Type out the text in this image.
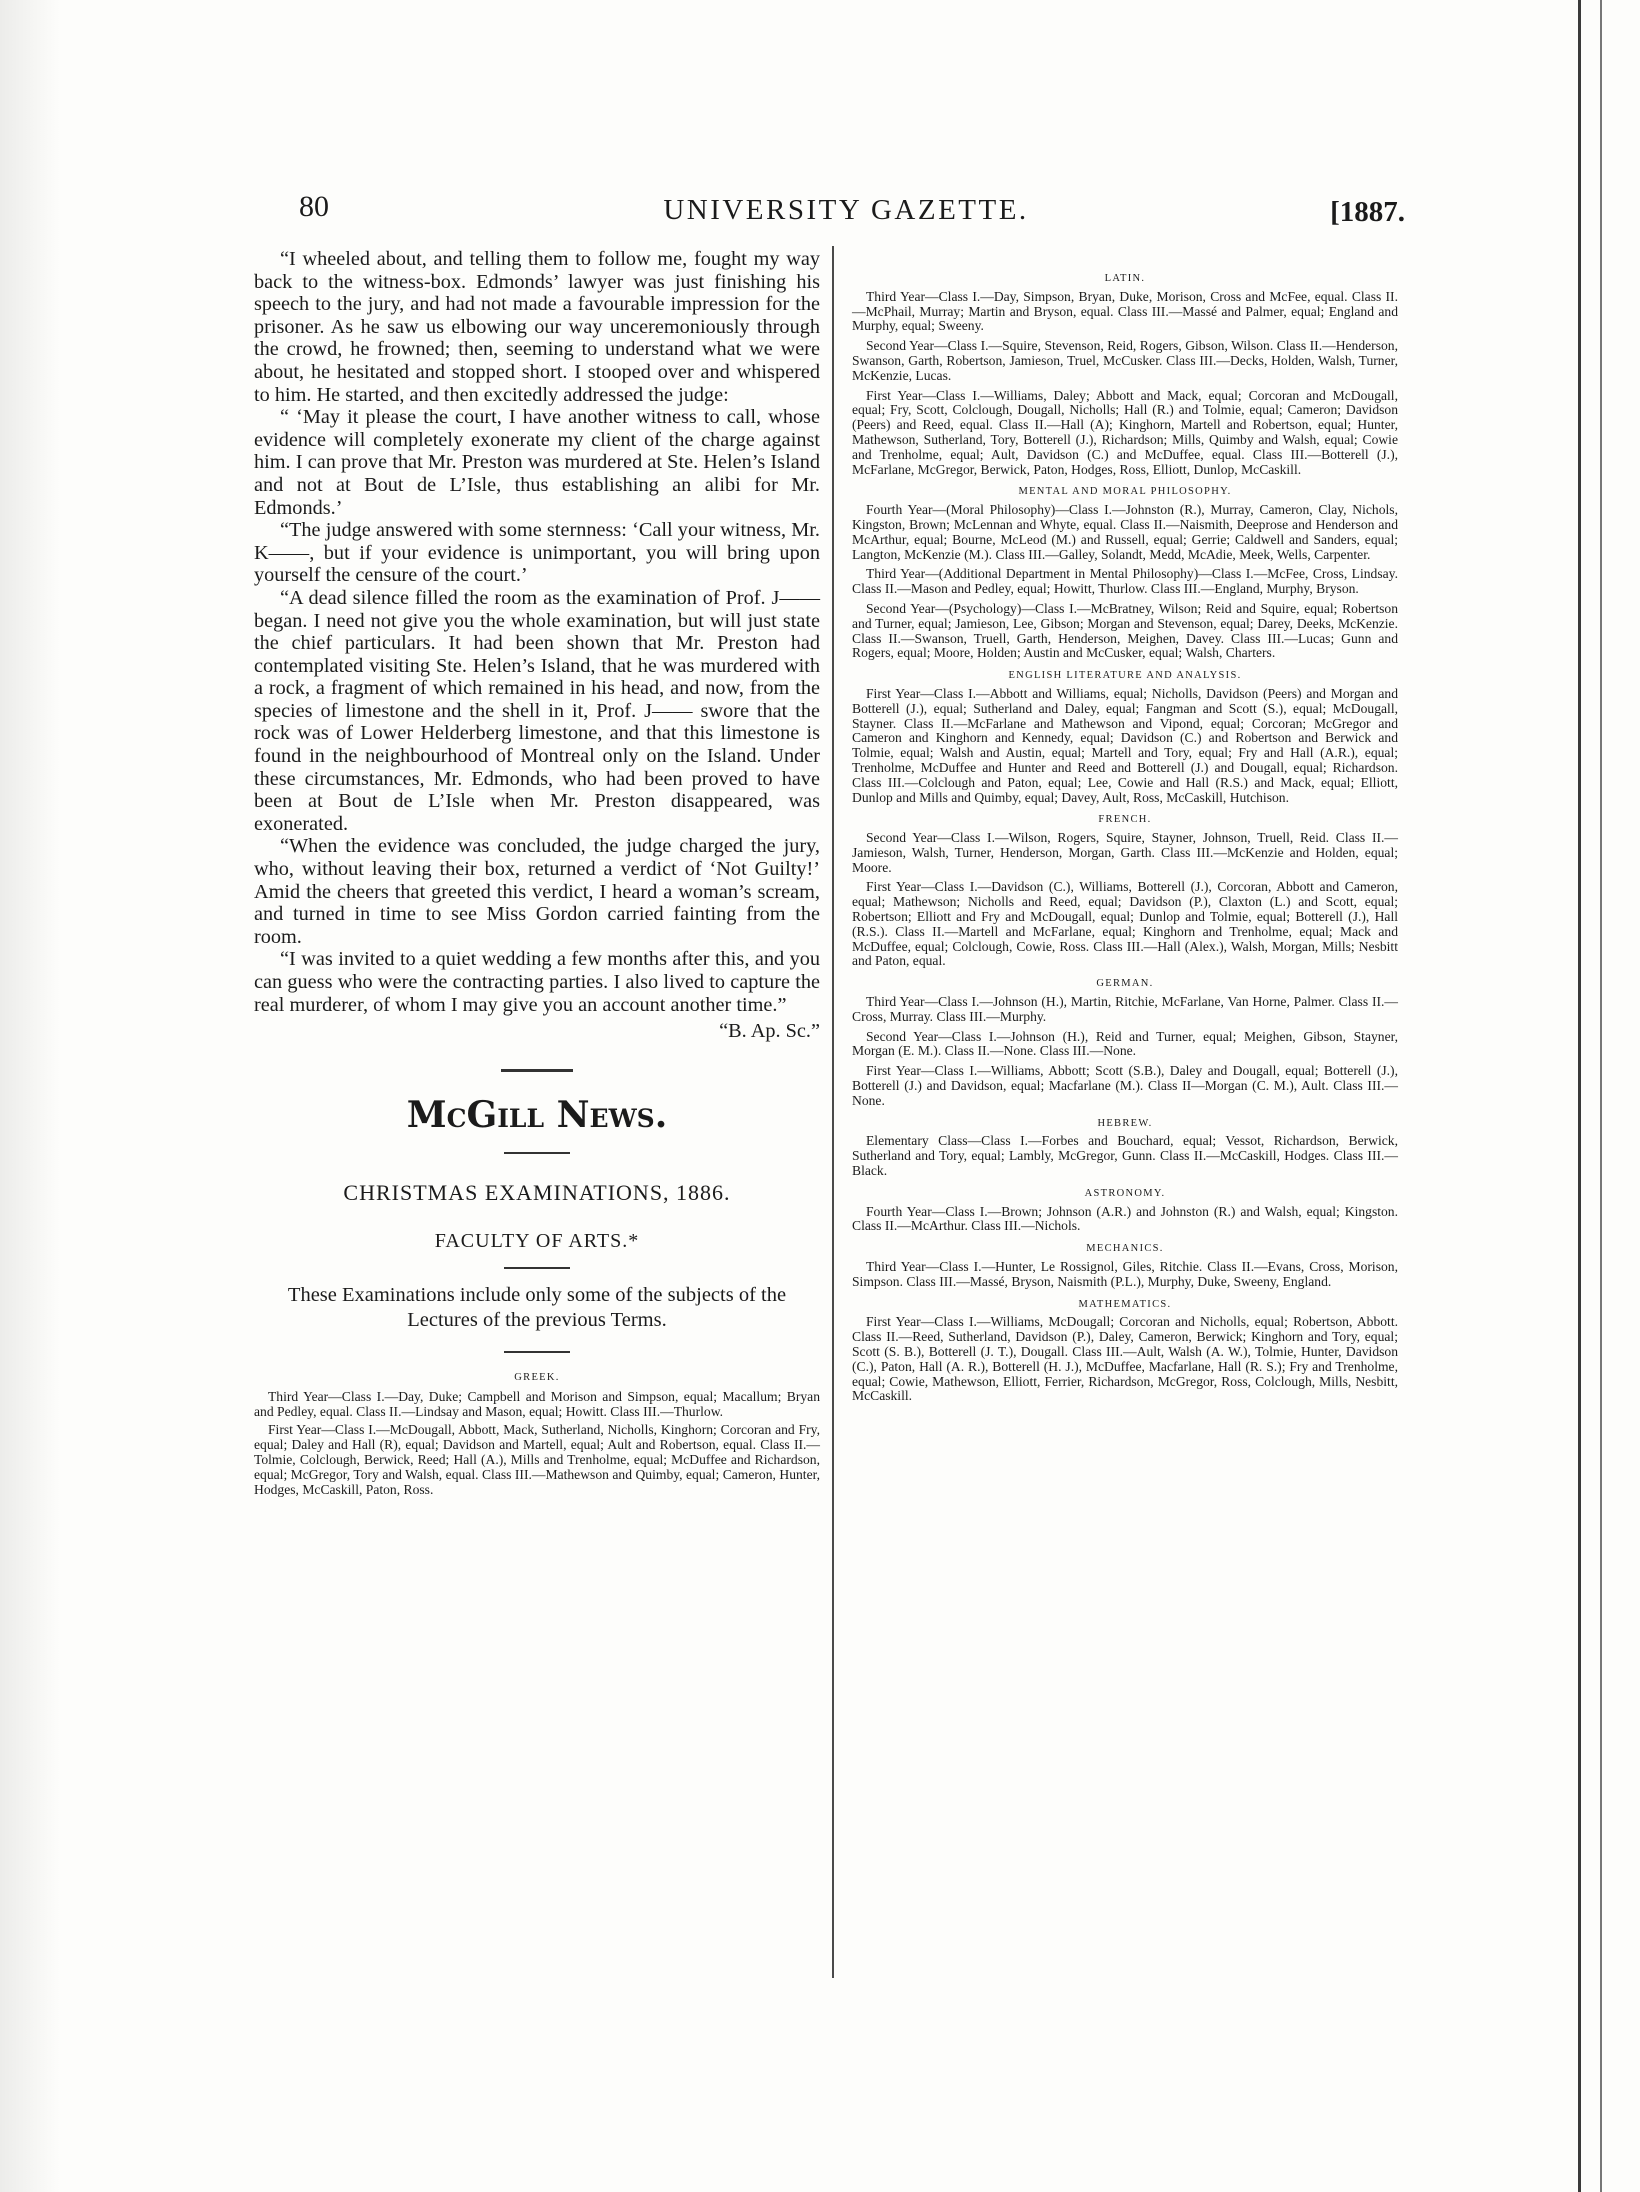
80	UNIVERSITY GAZETTE.	[1887.

“I wheeled about, and telling them to follow me, fought my way back to the witness-box. Edmonds’ lawyer was just finishing his speech to the jury, and had not made a favourable impression for the prisoner. As he saw us elbowing our way unceremoniously through the crowd, he frowned; then, seeming to understand what we were about, he hesitated and stopped short. I stooped over and whispered to him. He started, and then excitedly addressed the judge:

“ ‘May it please the court, I have another witness to call, whose evidence will completely exonerate my client of the charge against him. I can prove that Mr. Preston was murdered at Ste. Helen’s Island and not at Bout de L’Isle, thus establishing an alibi for Mr. Edmonds.’

“The judge answered with some sternness: ‘Call your witness, Mr. K——, but if your evidence is unimportant, you will bring upon yourself the censure of the court.’

“A dead silence filled the room as the examination of Prof. J—— began. I need not give you the whole examination, but will just state the chief particulars. It had been shown that Mr. Preston had contemplated visiting Ste. Helen’s Island, that he was murdered with a rock, a fragment of which remained in his head, and now, from the species of limestone and the shell in it, Prof. J—— swore that the rock was of Lower Helderberg limestone, and that this limestone is found in the neighbourhood of Montreal only on the Island. Under these circumstances, Mr. Edmonds, who had been proved to have been at Bout de L’Isle when Mr. Preston disappeared, was exonerated.

“When the evidence was concluded, the judge charged the jury, who, without leaving their box, returned a verdict of ‘Not Guilty!’ Amid the cheers that greeted this verdict, I heard a woman’s scream, and turned in time to see Miss Gordon carried fainting from the room.

“I was invited to a quiet wedding a few months after this, and you can guess who were the contracting parties. I also lived to capture the real murderer, of whom I may give you an account another time.”

“B. Ap. Sc.”

McGill News.
CHRISTMAS EXAMINATIONS, 1886.
FACULTY OF ARTS.*
These Examinations include only some of the subjects of the Lectures of the previous Terms.
GREEK.

Third Year—Class I.—Day, Duke; Campbell and Morison and Simpson, equal; Macallum; Bryan and Pedley, equal. Class II.—Lindsay and Mason, equal; Howitt. Class III.—Thurlow.

First Year—Class I.—McDougall, Abbott, Mack, Sutherland, Nicholls, Kinghorn; Corcoran and Fry, equal; Daley and Hall (R), equal; Davidson and Martell, equal; Ault and Robertson, equal. Class II.—Tolmie, Colclough, Berwick, Reed; Hall (A.), Mills and Trenholme, equal; McDuffee and Richardson, equal; McGregor, Tory and Walsh, equal. Class III.—Mathewson and Quimby, equal; Cameron, Hunter, Hodges, McCaskill, Paton, Ross.

LATIN.

Third Year—Class I.—Day, Simpson, Bryan, Duke, Morison, Cross and McFee, equal. Class II.—McPhail, Murray; Martin and Bryson, equal. Class III.—Massé and Palmer, equal; England and Murphy, equal; Sweeny.

Second Year—Class I.—Squire, Stevenson, Reid, Rogers, Gibson, Wilson. Class II.—Henderson, Swanson, Garth, Robertson, Jamieson, Truel, McCusker. Class III.—Decks, Holden, Walsh, Turner, McKenzie, Lucas.

First Year—Class I.—Williams, Daley; Abbott and Mack, equal; Corcoran and McDougall, equal; Fry, Scott, Colclough, Dougall, Nicholls; Hall (R.) and Tolmie, equal; Cameron; Davidson (Peers) and Reed, equal. Class II.—Hall (A); Kinghorn, Martell and Robertson, equal; Hunter, Mathewson, Sutherland, Tory, Botterell (J.), Richardson; Mills, Quimby and Walsh, equal; Cowie and Trenholme, equal; Ault, Davidson (C.) and McDuffee, equal. Class III.—Botterell (J.), McFarlane, McGregor, Berwick, Paton, Hodges, Ross, Elliott, Dunlop, McCaskill.

MENTAL AND MORAL PHILOSOPHY.

Fourth Year—(Moral Philosophy)—Class I.—Johnston (R.), Murray, Cameron, Clay, Nichols, Kingston, Brown; McLennan and Whyte, equal. Class II.—Naismith, Deeprose and Henderson and McArthur, equal; Bourne, McLeod (M.) and Russell, equal; Gerrie; Caldwell and Sanders, equal; Langton, McKenzie (M.). Class III.—Galley, Solandt, Medd, McAdie, Meek, Wells, Carpenter.

Third Year—(Additional Department in Mental Philosophy)—Class I.—McFee, Cross, Lindsay. Class II.—Mason and Pedley, equal; Howitt, Thurlow. Class III.—England, Murphy, Bryson.

Second Year—(Psychology)—Class I.—McBratney, Wilson; Reid and Squire, equal; Robertson and Turner, equal; Jamieson, Lee, Gibson; Morgan and Stevenson, equal; Darey, Deeks, McKenzie. Class II.—Swanson, Truell, Garth, Henderson, Meighen, Davey. Class III.—Lucas; Gunn and Rogers, equal; Moore, Holden; Austin and McCusker, equal; Walsh, Charters.

ENGLISH LITERATURE AND ANALYSIS.

First Year—Class I.—Abbott and Williams, equal; Nicholls, Davidson (Peers) and Morgan and Botterell (J.), equal; Sutherland and Daley, equal; Fangman and Scott (S.), equal; McDougall, Stayner. Class II.—McFarlane and Mathewson and Vipond, equal; Corcoran; McGregor and Cameron and Kinghorn and Kennedy, equal; Davidson (C.) and Robertson and Berwick and Tolmie, equal; Walsh and Austin, equal; Martell and Tory, equal; Fry and Hall (A.R.), equal; Trenholme, McDuffee and Hunter and Reed and Botterell (J.) and Dougall, equal; Richardson. Class III.—Colclough and Paton, equal; Lee, Cowie and Hall (R.S.) and Mack, equal; Elliott, Dunlop and Mills and Quimby, equal; Davey, Ault, Ross, McCaskill, Hutchison.

FRENCH.

Second Year—Class I.—Wilson, Rogers, Squire, Stayner, Johnson, Truell, Reid. Class II.—Jamieson, Walsh, Turner, Henderson, Morgan, Garth. Class III.—McKenzie and Holden, equal; Moore.

First Year—Class I.—Davidson (C.), Williams, Botterell (J.), Corcoran, Abbott and Cameron, equal; Mathewson; Nicholls and Reed, equal; Davidson (P.), Claxton (L.) and Scott, equal; Robertson; Elliott and Fry and McDougall, equal; Dunlop and Tolmie, equal; Botterell (J.), Hall (R.S.). Class II.—Martell and McFarlane, equal; Kinghorn and Trenholme, equal; Mack and McDuffee, equal; Colclough, Cowie, Ross. Class III.—Hall (Alex.), Walsh, Morgan, Mills; Nesbitt and Paton, equal.

GERMAN.

Third Year—Class I.—Johnson (H.), Martin, Ritchie, McFarlane, Van Horne, Palmer. Class II.—Cross, Murray. Class III.—Murphy.

Second Year—Class I.—Johnson (H.), Reid and Turner, equal; Meighen, Gibson, Stayner, Morgan (E. M.). Class II.—None. Class III.—None.

First Year—Class I.—Williams, Abbott; Scott (S.B.), Daley and Dougall, equal; Botterell (J.), Botterell (J.) and Davidson, equal; Macfarlane (M.). Class II—Morgan (C. M.), Ault. Class III.—None.

HEBREW.

Elementary Class—Class I.—Forbes and Bouchard, equal; Vessot, Richardson, Berwick, Sutherland and Tory, equal; Lambly, McGregor, Gunn. Class II.—McCaskill, Hodges. Class III.—Black.

ASTRONOMY.

Fourth Year—Class I.—Brown; Johnson (A.R.) and Johnston (R.) and Walsh, equal; Kingston. Class II.—McArthur. Class III.—Nichols.

MECHANICS.

Third Year—Class I.—Hunter, Le Rossignol, Giles, Ritchie. Class II.—Evans, Cross, Morison, Simpson. Class III.—Massé, Bryson, Naismith (P.L.), Murphy, Duke, Sweeny, England.

MATHEMATICS.

First Year—Class I.—Williams, McDougall; Corcoran and Nicholls, equal; Robertson, Abbott. Class II.—Reed, Sutherland, Davidson (P.), Daley, Cameron, Berwick; Kinghorn and Tory, equal; Scott (S. B.), Botterell (J. T.), Dougall. Class III.—Ault, Walsh (A. W.), Tolmie, Hunter, Davidson (C.), Paton, Hall (A. R.), Botterell (H. J.), McDuffee, Macfarlane, Hall (R. S.); Fry and Trenholme, equal; Cowie, Mathewson, Elliott, Ferrier, Richardson, McGregor, Ross, Colclough, Mills, Nesbitt, McCaskill.
